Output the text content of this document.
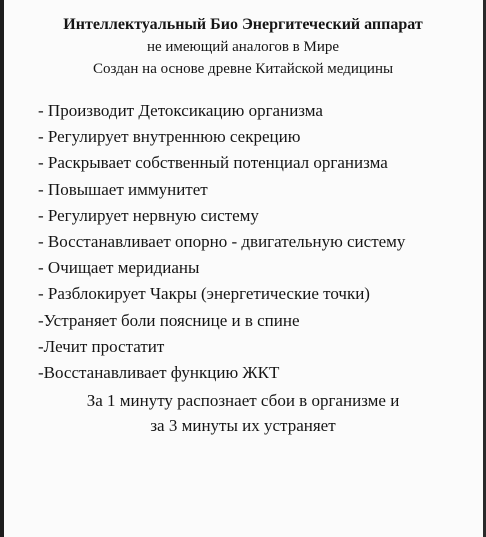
Интеллектуальный Био Энергитеческий аппарат

не имеющий аналогов в Мире

Создан на основе древне Китайской медицины

- Производит Детоксикацию организма
- Регулирует внутреннюю секрецию
- Раскрывает собственный потенциал организма
- Повышает иммунитет
- Регулирует нервную систему
- Восстанавливает опорно - двигательную систему
- Очищает меридианы
- Разблокирует Чакры (энергетические точки)
-Устраняет боли пояснице и в спине
-Лечит простатит
-Восстанавливает функцию ЖКТ

За 1 минуту распознает сбои в организме и

за 3 минуты их устраняет
